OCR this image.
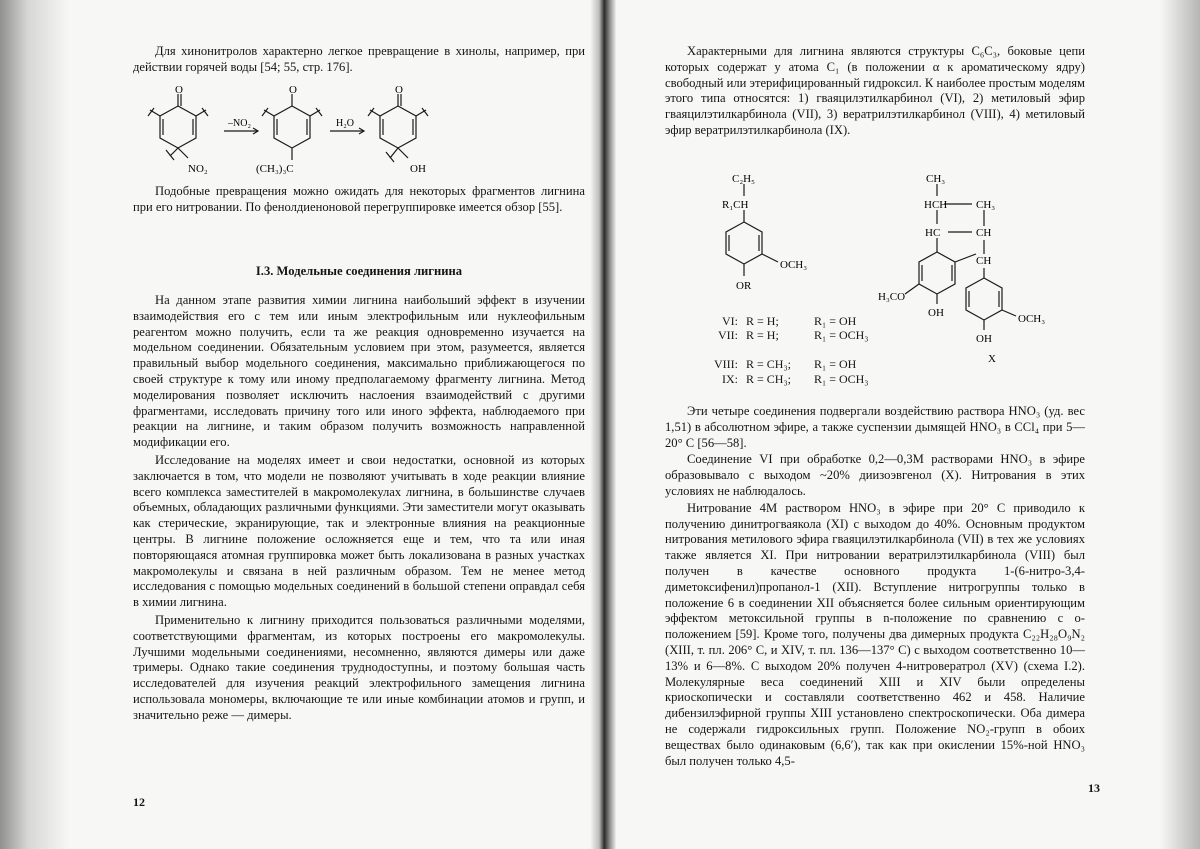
Для хинонитролов характерно легкое превращение в хинолы, например, при действии горячей воды [54; 55, стр. 176].

O	O	O
NO₂	(CH₃)₃C	OH
–NO₂	H₂O

Подобные превращения можно ожидать для некоторых фрагментов лигнина при его нитровании. По фенолдиеноновой перегруппировке имеется обзор [55].

I.3. Модельные соединения лигнина

На данном этапе развития химии лигнина наибольший эффект в изучении взаимодействия его с тем или иным электрофильным или нуклеофильным реагентом можно получить, если та же реакция одновременно изучается на модельном соединении. Обязательным условием при этом, разумеется, является правильный выбор модельного соединения, максимально приближающегося по своей структуре к тому или иному предполагаемому фрагменту лигнина. Метод моделирования позволяет исключить наслоения взаимодействий с другими фрагментами, исследовать причину того или иного эффекта, наблюдаемого при реакции на лигнине, и таким образом получить возможность направленной модификации его.

Исследование на моделях имеет и свои недостатки, основной из которых заключается в том, что модели не позволяют учитывать в ходе реакции влияние всего комплекса заместителей в макромолекулах лигнина, в большинстве случаев объемных, обладающих различными функциями. Эти заместители могут оказывать как стерические, экранирующие, так и электронные влияния на реакционные центры. В лигнине положение осложняется еще и тем, что та или иная повторяющаяся атомная группировка может быть локализована в разных участках макромолекулы и связана в ней различным образом. Тем не менее метод исследования с помощью модельных соединений в большой степени оправдал себя в химии лигнина.

Применительно к лигнину приходится пользоваться различными моделями, соответствующими фрагментам, из которых построены его макромолекулы. Лучшими модельными соединениями, несомненно, являются димеры или даже тримеры. Однако такие соединения труднодоступны, и поэтому большая часть исследователей для изучения реакций электрофильного замещения лигнина использовала мономеры, включающие те или иные комбинации атомов и групп, и значительно реже — димеры.

12

Характерными для лигнина являются структуры C₆C₃, боковые цепи которых содержат у атома C₁ (в положении α к ароматическому ядру) свободный или этерифицированный гидроксил. К наиболее простым моделям этого типа относятся: 1) гваяцилэтилкарбинол (VI), 2) метиловый эфир гваяцилэтилкарбинола (VII), 3) вератрилэтилкарбинол (VIII), 4) метиловый эфир вератрилэтилкарбинола (IX).

C₂H₅
R₁CH
OCH₃
OR
CH₃
HCH	CH₃
HC	CH
CH
H₃CO
OH	OCH₃
OH
X
VI: R = H;	R₁ = OH
VII: R = H;	R₁ = OCH₃
VIII: R = CH₃; R₁ = OH
IX: R = CH₃; R₁ = OCH₃

Эти четыре соединения подвергали воздействию раствора HNO₃ (уд. вес 1,51) в абсолютном эфире, а также суспензии дымящей HNO₃ в CCl₄ при 5—20° C [56—58].

Соединение VI при обработке 0,2—0,3M растворами HNO₃ в эфире образовывало с выходом ~20% диизоэвгенол (X). Нитрования в этих условиях не наблюдалось.

Нитрование 4M раствором HNO₃ в эфире при 20° C приводило к получению динитрогваякола (XI) с выходом до 40%. Основным продуктом нитрования метилового эфира гваяцилэтилкарбинола (VII) в тех же условиях также является XI. При нитровании вератрилэтилкарбинола (VIII) был получен в качестве основного продукта 1-(6-нитро-3,4-диметоксифенил)пропанол-1 (XII). Вступление нитрогруппы только в положение 6 в соединении XII объясняется более сильным ориентирующим эффектом метоксильной группы в n-положение по сравнению с o-положением [59]. Кроме того, получены два димерных продукта C₂₂H₂₈O₉N₂ (XIII, т. пл. 206° C, и XIV, т. пл. 136—137° C) с выходом соответственно 10—13% и 6—8%. С выходом 20% получен 4-нитровератрол (XV) (схема I.2). Молекулярные веса соединений XIII и XIV были определены криоскопически и составляли соответственно 462 и 458. Наличие дибензилэфирной группы XIII установлено спектроскопически. Оба димера не содержали гидроксильных групп. Положение NO₂-групп в обоих веществах было одинаковым (6,6′), так как при окислении 15%-ной HNO₃ был получен только 4,5-

13
